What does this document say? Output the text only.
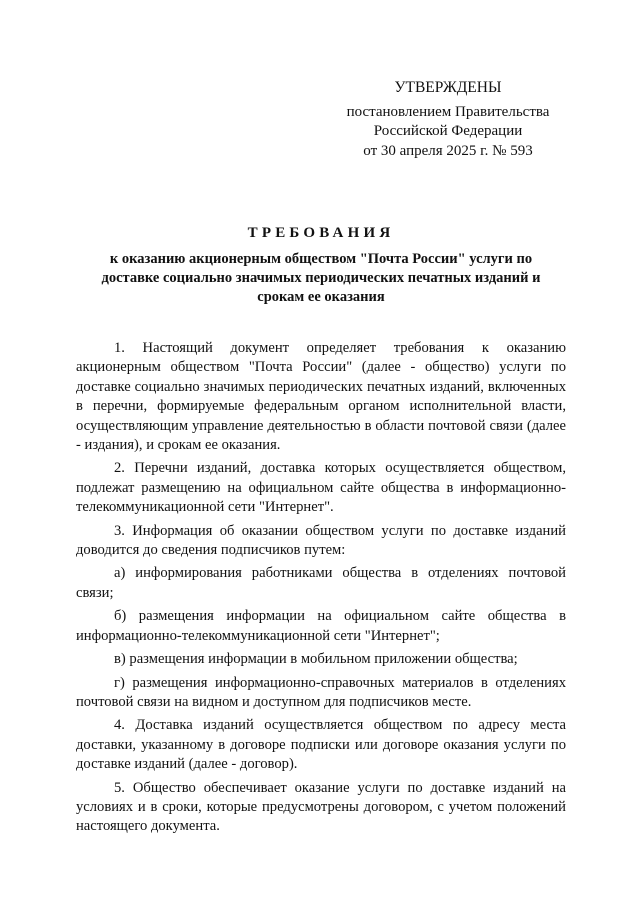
УТВЕРЖДЕНЫ
постановлением Правительства
Российской Федерации
от 30 апреля 2025 г. № 593
ТРЕБОВАНИЯ
к оказанию акционерным обществом "Почта России" услуги по доставке социально значимых периодических печатных изданий и срокам ее оказания

1. Настоящий документ определяет требования к оказанию акционерным обществом "Почта России" (далее - общество) услуги по доставке социально значимых периодических печатных изданий, включенных в перечни, формируемые федеральным органом исполнительной власти, осуществляющим управление деятельностью в области почтовой связи (далее - издания), и срокам ее оказания.

2. Перечни изданий, доставка которых осуществляется обществом, подлежат размещению на официальном сайте общества в информационно-телекоммуникационной сети "Интернет".

3. Информация об оказании обществом услуги по доставке изданий доводится до сведения подписчиков путем:

а) информирования работниками общества в отделениях почтовой связи;

б) размещения информации на официальном сайте общества в информационно-телекоммуникационной сети "Интернет";

в) размещения информации в мобильном приложении общества;

г) размещения информационно-справочных материалов в отделениях почтовой связи на видном и доступном для подписчиков месте.

4. Доставка изданий осуществляется обществом по адресу места доставки, указанному в договоре подписки или договоре оказания услуги по доставке изданий (далее - договор).

5. Общество обеспечивает оказание услуги по доставке изданий на условиях и в сроки, которые предусмотрены договором, с учетом положений настоящего документа.
